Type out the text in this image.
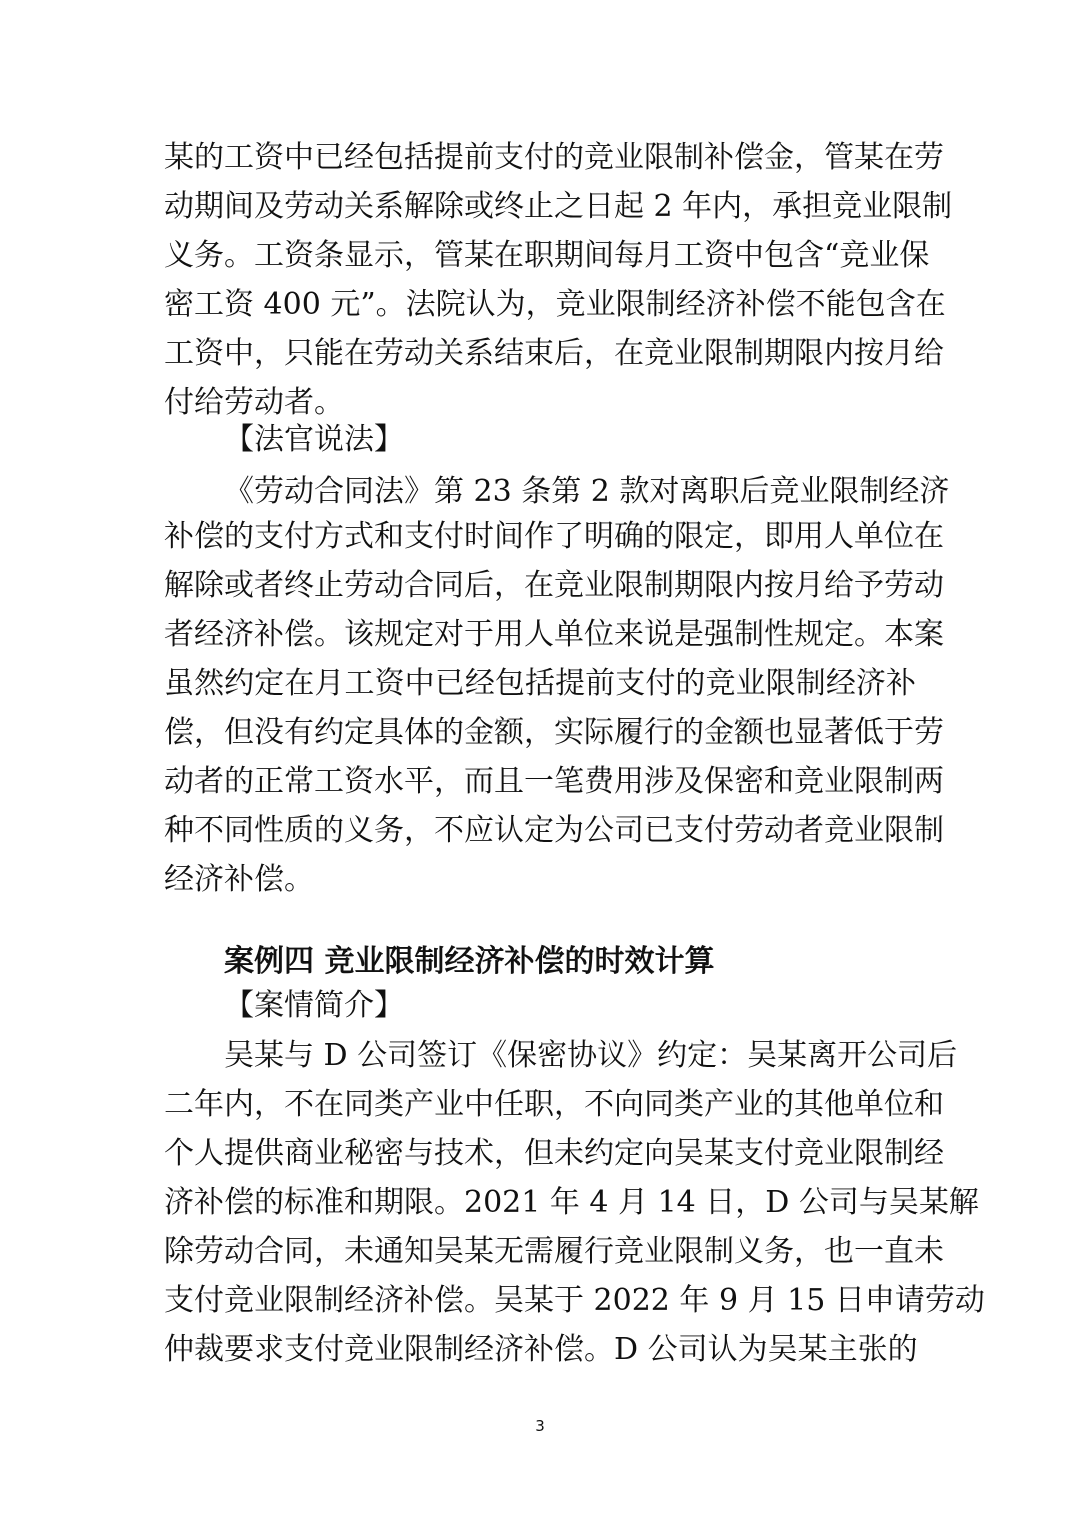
某的工资中已经包括提前支付的竞业限制补偿金，管某在劳
动期间及劳动关系解除或终止之日起 2 年内，承担竞业限制
义务。工资条显示，管某在职期间每月工资中包含“竞业保
密工资 400 元”。法院认为，竞业限制经济补偿不能包含在
工资中，只能在劳动关系结束后，在竞业限制期限内按月给
付给劳动者。
【法官说法】
《劳动合同法》第 23 条第 2 款对离职后竞业限制经济
补偿的支付方式和支付时间作了明确的限定，即用人单位在
解除或者终止劳动合同后，在竞业限制期限内按月给予劳动
者经济补偿。该规定对于用人单位来说是强制性规定。本案
虽然约定在月工资中已经包括提前支付的竞业限制经济补
偿，但没有约定具体的金额，实际履行的金额也显著低于劳
动者的正常工资水平，而且一笔费用涉及保密和竞业限制两
种不同性质的义务，不应认定为公司已支付劳动者竞业限制
经济补偿。
案例四 竞业限制经济补偿的时效计算
【案情简介】
吴某与 D 公司签订《保密协议》约定：吴某离开公司后
二年内，不在同类产业中任职，不向同类产业的其他单位和
个人提供商业秘密与技术，但未约定向吴某支付竞业限制经
济补偿的标准和期限。2021 年 4 月 14 日，D 公司与吴某解
除劳动合同，未通知吴某无需履行竞业限制义务，也一直未
支付竞业限制经济补偿。吴某于 2022 年 9 月 15 日申请劳动
仲裁要求支付竞业限制经济补偿。D 公司认为吴某主张的
3
